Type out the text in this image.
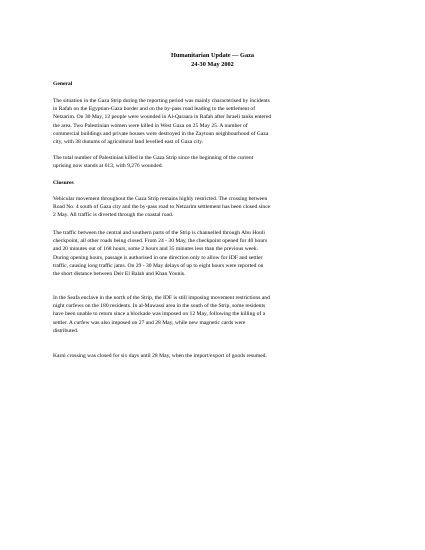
Humanitarian Update — Gaza
24-30 May 2002
General
The situation in the Gaza Strip during the reporting period was mainly characterised by incidents
in Rafah on the Egyptian-Gaza border and on the by-pass road leading to the settlement of
Netzarim. On 30 May, 12 people were wounded in Al-Qaraara in Rafah after Israeli tanks entered
the area. Two Palestinian women were killed in West Gaza on 25 May 25. A number of
commercial buildings and private houses were destroyed in the Zaytoun neighbourhood of Gaza
city, with 38 dunums of agricultural land levelled east of Gaza city.
The total number of Palestinian killed in the Gaza Strip since the beginning of the current
uprising now stands at 613, with 9,276 wounded.
Closures
Vehicular movement throughout the Gaza Strip remains highly restricted. The crossing between
Road No. 4 south of Gaza city and the by-pass road to Netzarim settlement has been closed since
2 May. All traffic is diverted through the coastal road.
The traffic between the central and southern parts of the Strip is channelled through Abu Houli
checkpoint, all other roads being closed. From 24 - 30 May, the checkpoint opened for 40 hours
and 20 minutes out of 168 hours, some 2 hours and 35 minutes less than the previous week.
During opening hours, passage is authorised in one direction only to allow for IDF and settler
traffic, causing long traffic jams. On 29 - 30 May delays of up to eight hours were reported on
the short distance between Deir El Balah and Khan Younis.
In the Seafa enclave in the north of the Strip, the IDF is still imposing movement restrictions and
night curfews on the 180 residents. In al-Mawassi area in the south of the Strip, some residents
have been unable to return since a blockade was imposed on 12 May, following the killing of a
settler. A curfew was also imposed on 27 and 28 May, while new magnetic cards were
distributed.
Karni crossing was closed for six days until 28 May, when the import/export of goods resumed.
